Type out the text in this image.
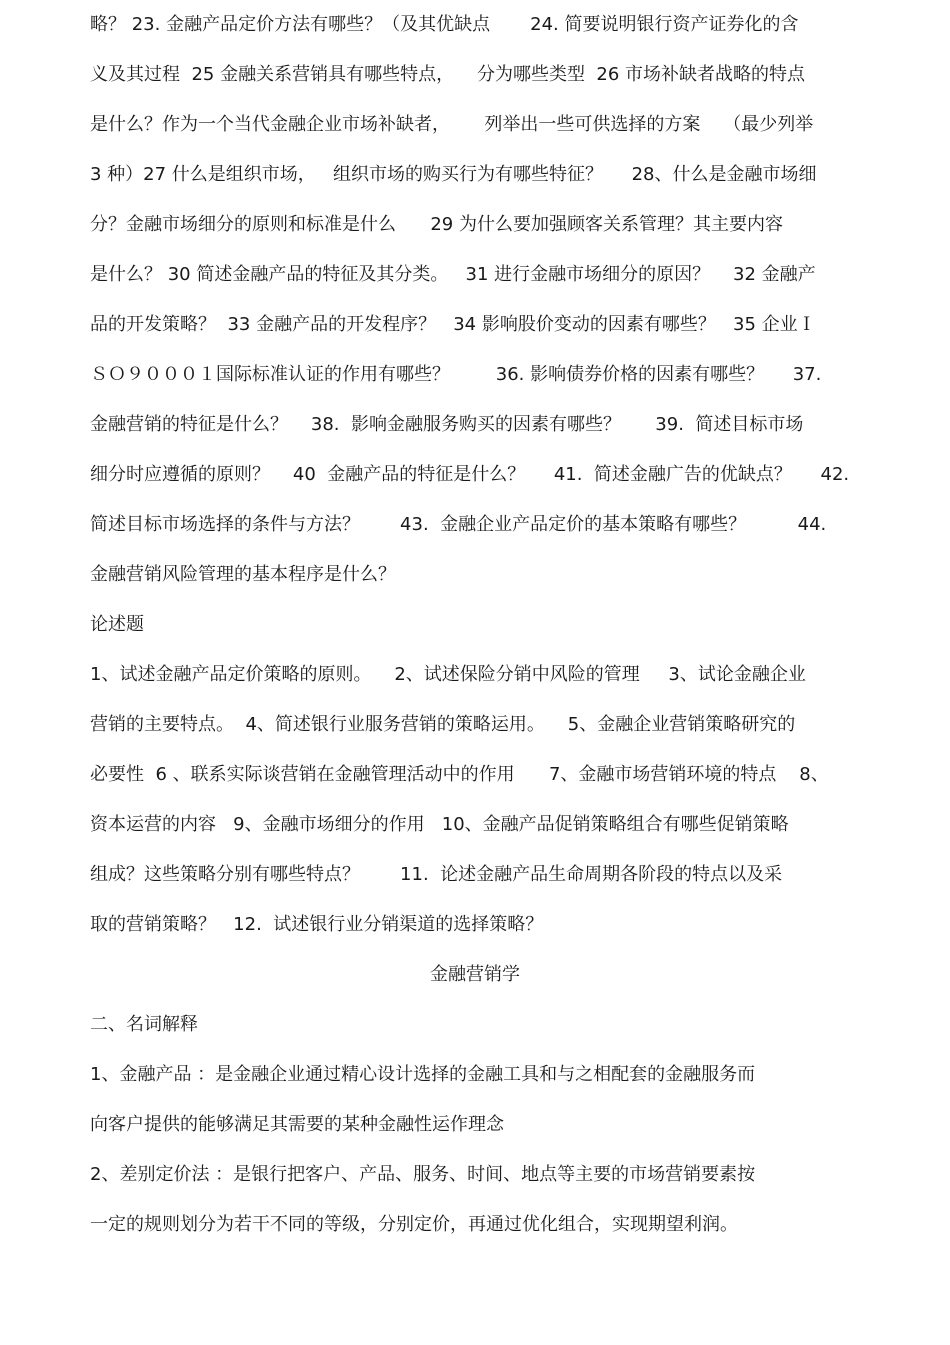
略？ 23. 金融产品定价方法有哪些？（及其优缺点       24. 简要说明银行资产证券化的含
义及其过程  25 金融关系营销具有哪些特点，    分为哪些类型  26 市场补缺者战略的特点
是什么？作为一个当代金融企业市场补缺者，      列举出一些可供选择的方案    （最少列举
3 种）27 什么是组织市场，   组织市场的购买行为有哪些特征？     28、什么是金融市场细
分？金融市场细分的原则和标准是什么      29 为什么要加强顾客关系管理？其主要内容
是什么？ 30 简述金融产品的特征及其分类。   31 进行金融市场细分的原因？    32 金融产
品的开发策略？  33 金融产品的开发程序？   34 影响股价变动的因素有哪些？   35 企业Ｉ
ＳＯ９０００１国际标准认证的作用有哪些？        36. 影响债券价格的因素有哪些？     37.
金融营销的特征是什么？    38.  影响金融服务购买的因素有哪些？      39.  简述目标市场
细分时应遵循的原则？    40  金融产品的特征是什么？     41.  简述金融广告的优缺点？     42.
简述目标市场选择的条件与方法？       43.  金融企业产品定价的基本策略有哪些？         44.
金融营销风险管理的基本程序是什么？
论述题
1、试述金融产品定价策略的原则。    2、试述保险分销中风险的管理     3、试论金融企业
营销的主要特点。  4、简述银行业服务营销的策略运用。    5、金融企业营销策略研究的
必要性  6 、联系实际谈营销在金融管理活动中的作用      7、金融市场营销环境的特点    8、
资本运营的内容   9、金融市场细分的作用   10、金融产品促销策略组合有哪些促销策略
组成？这些策略分别有哪些特点？       11.  论述金融产品生命周期各阶段的特点以及采
取的营销策略？   12.  试述银行业分销渠道的选择策略？
金融营销学
二、名词解释
1、金融产品 ：是金融企业通过精心设计选择的金融工具和与之相配套的金融服务而
向客户提供的能够满足其需要的某种金融性运作理念
2、差别定价法 ：是银行把客户、产品、服务、时间、地点等主要的市场营销要素按
一定的规则划分为若干不同的等级，分别定价，再通过优化组合，实现期望利润。
